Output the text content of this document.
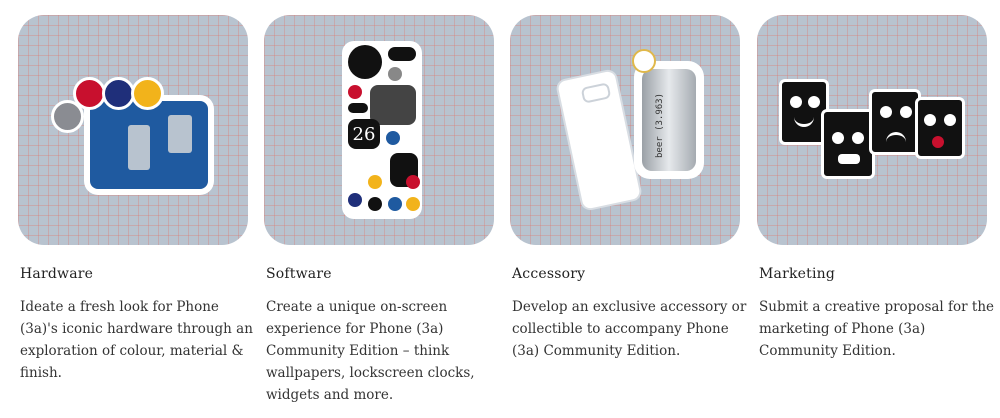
Hardware

Ideate a fresh look for Phone (3a)'s iconic hardware through an exploration of colour, material & finish.

26
Software

Create a unique on-screen experience for Phone (3a) Community Edition – think wallpapers, lockscreen clocks, widgets and more.

beer (3.963)
Accessory

Develop an exclusive accessory or collectible to accompany Phone (3a) Community Edition.

Marketing

Submit a creative proposal for the marketing of Phone (3a) Community Edition.
